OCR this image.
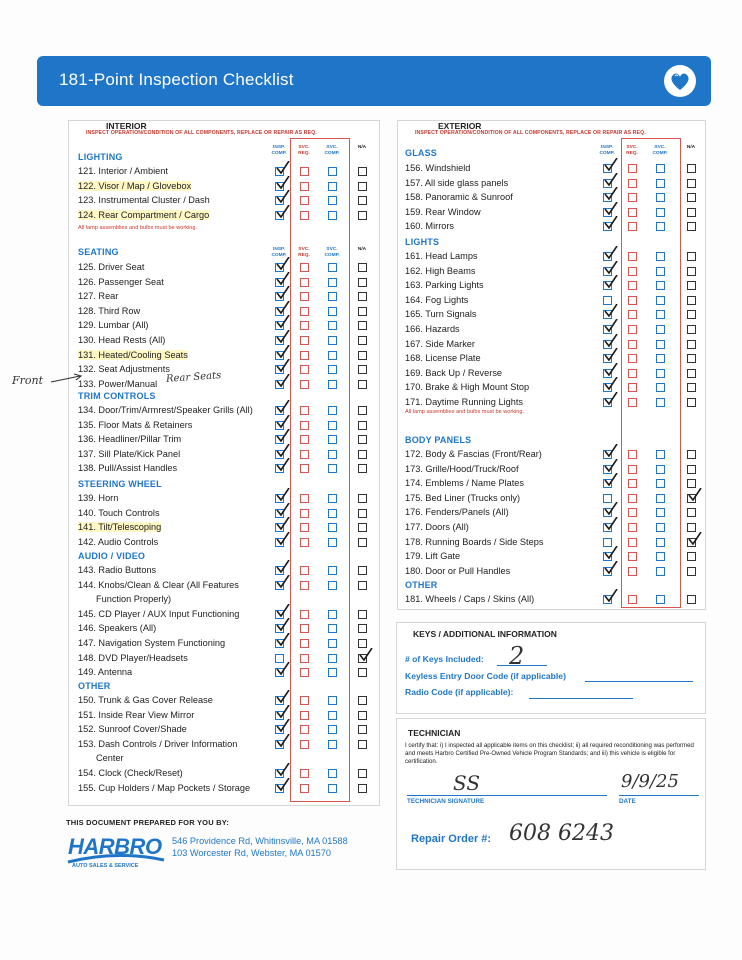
181-Point Inspection Checklist
INTERIOR
INSPECT OPERATION/CONDITION OF ALL COMPONENTS, REPLACE OR REPAIR AS REQ.
EXTERIOR
INSPECT OPERATION/CONDITION OF ALL COMPONENTS, REPLACE OR REPAIR AS REQ.
INSP. COMP.
SVC. REQ.
SVC. COMP.
N/A
LIGHTING
121. Interior / Ambient
122. Visor / Map / Glovebox
123. Instrumental Cluster / Dash
124. Rear Compartment / Cargo
All lamp assemblies and bulbs must be working.
INSP. COMP.
SVC. REQ.
SVC. COMP.
N/A
SEATING
125. Driver Seat
126. Passenger Seat
127. Rear
128. Third Row
129. Lumbar (All)
130. Head Rests (All)
131. Heated/Cooling Seats
132. Seat Adjustments
133. Power/Manual
TRIM CONTROLS
134. Door/Trim/Armrest/Speaker Grills (All)
135. Floor Mats & Retainers
136. Headliner/Pillar Trim
137. Sill Plate/Kick Panel
138. Pull/Assist Handles
STEERING WHEEL
139. Horn
140. Touch Controls
141. Tilt/Telescoping
142. Audio Controls
AUDIO / VIDEO
143. Radio Buttons
144. Knobs/Clean & Clear (All Features
Function Properly)
145. CD Player / AUX Input Functioning
146. Speakers (All)
147. Navigation System Functioning
148. DVD Player/Headsets
149. Antenna
OTHER
150. Trunk & Gas Cover Release
151. Inside Rear View Mirror
152. Sunroof Cover/Shade
153. Dash Controls / Driver Information
Center
154. Clock (Check/Reset)
155. Cup Holders / Map Pockets / Storage
INSP. COMP.
SVC. REQ.
SVC. COMP.
N/A
GLASS
156. Windshield
157. All side glass panels
158. Panoramic & Sunroof
159. Rear Window
160. Mirrors
LIGHTS
161. Head Lamps
162. High Beams
163. Parking Lights
164. Fog Lights
165. Turn Signals
166. Hazards
167. Side Marker
168. License Plate
169. Back Up / Reverse
170. Brake & High Mount Stop
171. Daytime Running Lights
All lamp assemblies and bulbs must be working.
BODY PANELS
172. Body & Fascias (Front/Rear)
173. Grille/Hood/Truck/Roof
174. Emblems / Name Plates
175. Bed Liner (Trucks only)
176. Fenders/Panels (All)
177. Doors (All)
178. Running Boards / Side Steps
179. Lift Gate
180. Door or Pull Handles
OTHER
181. Wheels / Caps / Skins (All)
KEYS / ADDITIONAL INFORMATION
# of Keys Included: 2
Keyless Entry Door Code (if applicable)
Radio Code (if applicable):
TECHNICIAN
I certify that: i) I inspected all applicable items on this checklist; ii) all required reconditioning was performed and meets Harbro Certified Pre-Owned Vehicle Program Standards; and iii) this vehicle is eligible for certification.
SS
TECHNICIAN SIGNATURE
9/9/25
DATE
Repair Order #: 608 6243
Front	Rear Seats
THIS DOCUMENT PREPARED FOR YOU BY:
HARBRO
AUTO SALES & SERVICE
546 Providence Rd, Whitinsville, MA 01588
103 Worcester Rd, Webster, MA 01570
